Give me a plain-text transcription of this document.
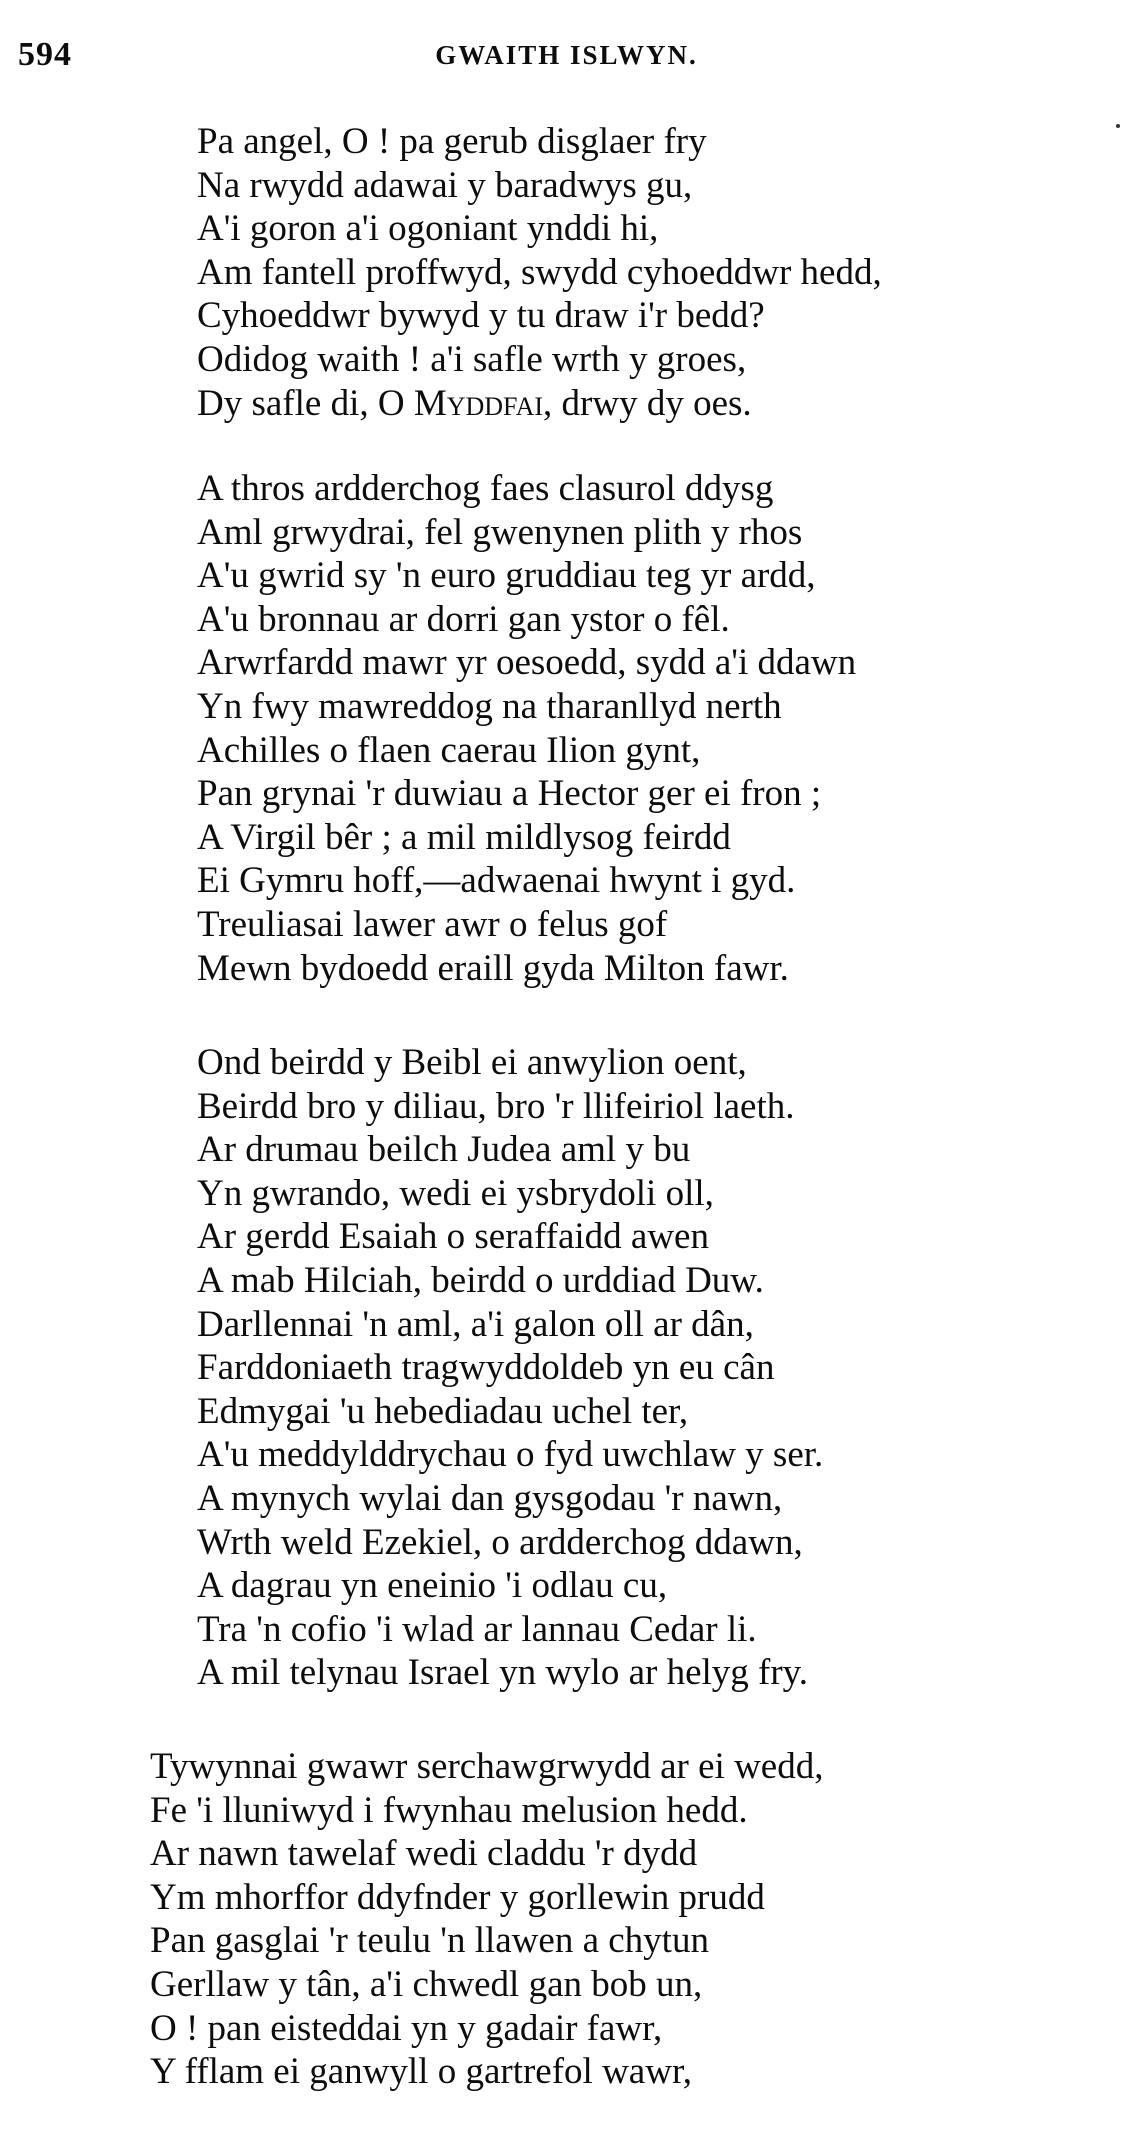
594	GWAITH ISLWYN.
Pa angel, O ! pa gerub disglaer fry
Na rwydd adawai y baradwys gu,
A'i goron a'i ogoniant ynddi hi,
Am fantell proffwyd, swydd cyhoeddwr hedd,
Cyhoeddwr bywyd y tu draw i'r bedd?
Odidog waith ! a'i safle wrth y groes,
Dy safle di, O Myddfai, drwy dy oes.
A thros ardderchog faes clasurol ddysg
Aml grwydrai, fel gwenynen plith y rhos
A'u gwrid sy 'n euro gruddiau teg yr ardd,
A'u bronnau ar dorri gan ystor o fêl.
Arwrfardd mawr yr oesoedd, sydd a'i ddawn
Yn fwy mawreddog na tharanllyd nerth
Achilles o flaen caerau Ilion gynt,
Pan grynai 'r duwiau a Hector ger ei fron ;
A Virgil bêr ; a mil mildlysog feirdd
Ei Gymru hoff,—adwaenai hwynt i gyd.
Treuliasai lawer awr o felus gof
Mewn bydoedd eraill gyda Milton fawr.
Ond beirdd y Beibl ei anwylion oent,
Beirdd bro y diliau, bro 'r llifeiriol laeth.
Ar drumau beilch Judea aml y bu
Yn gwrando, wedi ei ysbrydoli oll,
Ar gerdd Esaiah o seraffaidd awen
A mab Hilciah, beirdd o urddiad Duw.
Darllennai 'n aml, a'i galon oll ar dân,
Farddoniaeth tragwyddoldeb yn eu cân
Edmygai 'u hebediadau uchel ter,
A'u meddylddrychau o fyd uwchlaw y ser.
A mynych wylai dan gysgodau 'r nawn,
Wrth weld Ezekiel, o ardderchog ddawn,
A dagrau yn eneinio 'i odlau cu,
Tra 'n cofio 'i wlad ar lannau Cedar li.
A mil telynau Israel yn wylo ar helyg fry.
Tywynnai gwawr serchawgrwydd ar ei wedd,
Fe 'i lluniwyd i fwynhau melusion hedd.
Ar nawn tawelaf wedi claddu 'r dydd
Ym mhorffor ddyfnder y gorllewin prudd
Pan gasglai 'r teulu 'n llawen a chytun
Gerllaw y tân, a'i chwedl gan bob un,
O ! pan eisteddai yn y gadair fawr,
Y fflam ei ganwyll o gartrefol wawr,
